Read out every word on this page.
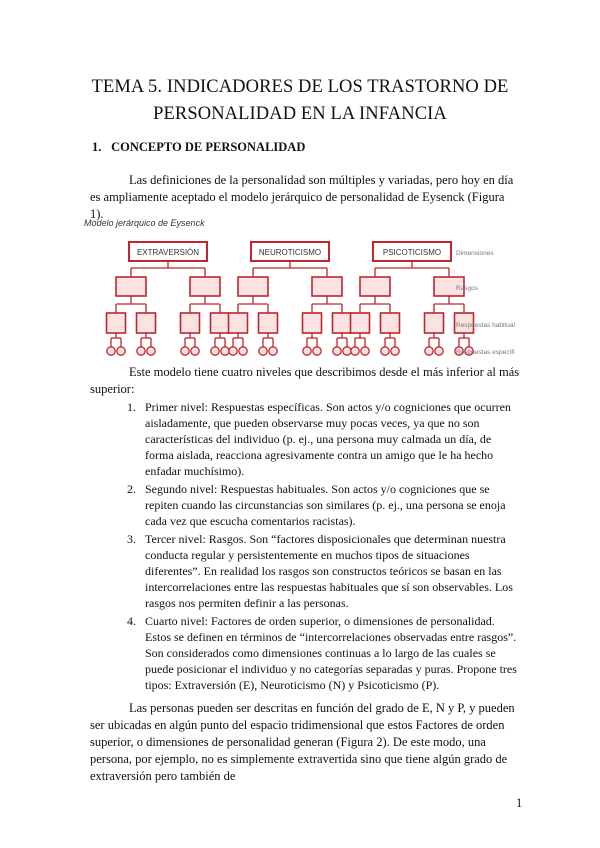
TEMA 5. INDICADORES DE LOS TRASTORNO DE
PERSONALIDAD EN LA INFANCIA
1. CONCEPTO DE PERSONALIDAD
Las definiciones de la personalidad son múltiples y variadas, pero hoy en día es ampliamente aceptado el modelo jerárquico de personalidad de Eysenck (Figura 1).
Modelo jerárquico de Eysenck
EXTRAVERSIÓN	NEUROTICISMO	PSICOTICISMO Dimensiones
Rasgos
Respuestas habitual
Respuestas específi
Este modelo tiene cuatro niveles que describimos desde el más inferior al más superior:
1. Primer nivel: Respuestas específicas. Son actos y/o cogniciones que ocurren aisladamente, que pueden observarse muy pocas veces, ya que no son características del individuo (p. ej., una persona muy calmada un día, de forma aislada, reacciona agresivamente contra un amigo que le ha hecho enfadar muchísimo).
2. Segundo nivel: Respuestas habituales. Son actos y/o cogniciones que se repiten cuando las circunstancias son similares (p. ej., una persona se enoja cada vez que escucha comentarios racistas).
3. Tercer nivel: Rasgos. Son “factores disposicionales que determinan nuestra conducta regular y persistentemente en muchos tipos de situaciones diferentes”. En realidad los rasgos son constructos teóricos se basan en las intercorrelaciones entre las respuestas habituales que sí son observables. Los rasgos nos permiten definir a las personas.
4. Cuarto nivel: Factores de orden superior, o dimensiones de personalidad. Estos se definen en términos de “intercorrelaciones observadas entre rasgos”. Son considerados como dimensiones continuas a lo largo de las cuales se puede posicionar el individuo y no categorías separadas y puras. Propone tres tipos: Extraversión (E), Neuroticismo (N) y Psicoticismo (P).
Las personas pueden ser descritas en función del grado de E, N y P, y pueden ser ubicadas en algún punto del espacio tridimensional que estos Factores de orden superior, o dimensiones de personalidad generan (Figura 2). De este modo, una persona, por ejemplo, no es simplemente extravertida sino que tiene algún grado de extraversión pero también de
1
